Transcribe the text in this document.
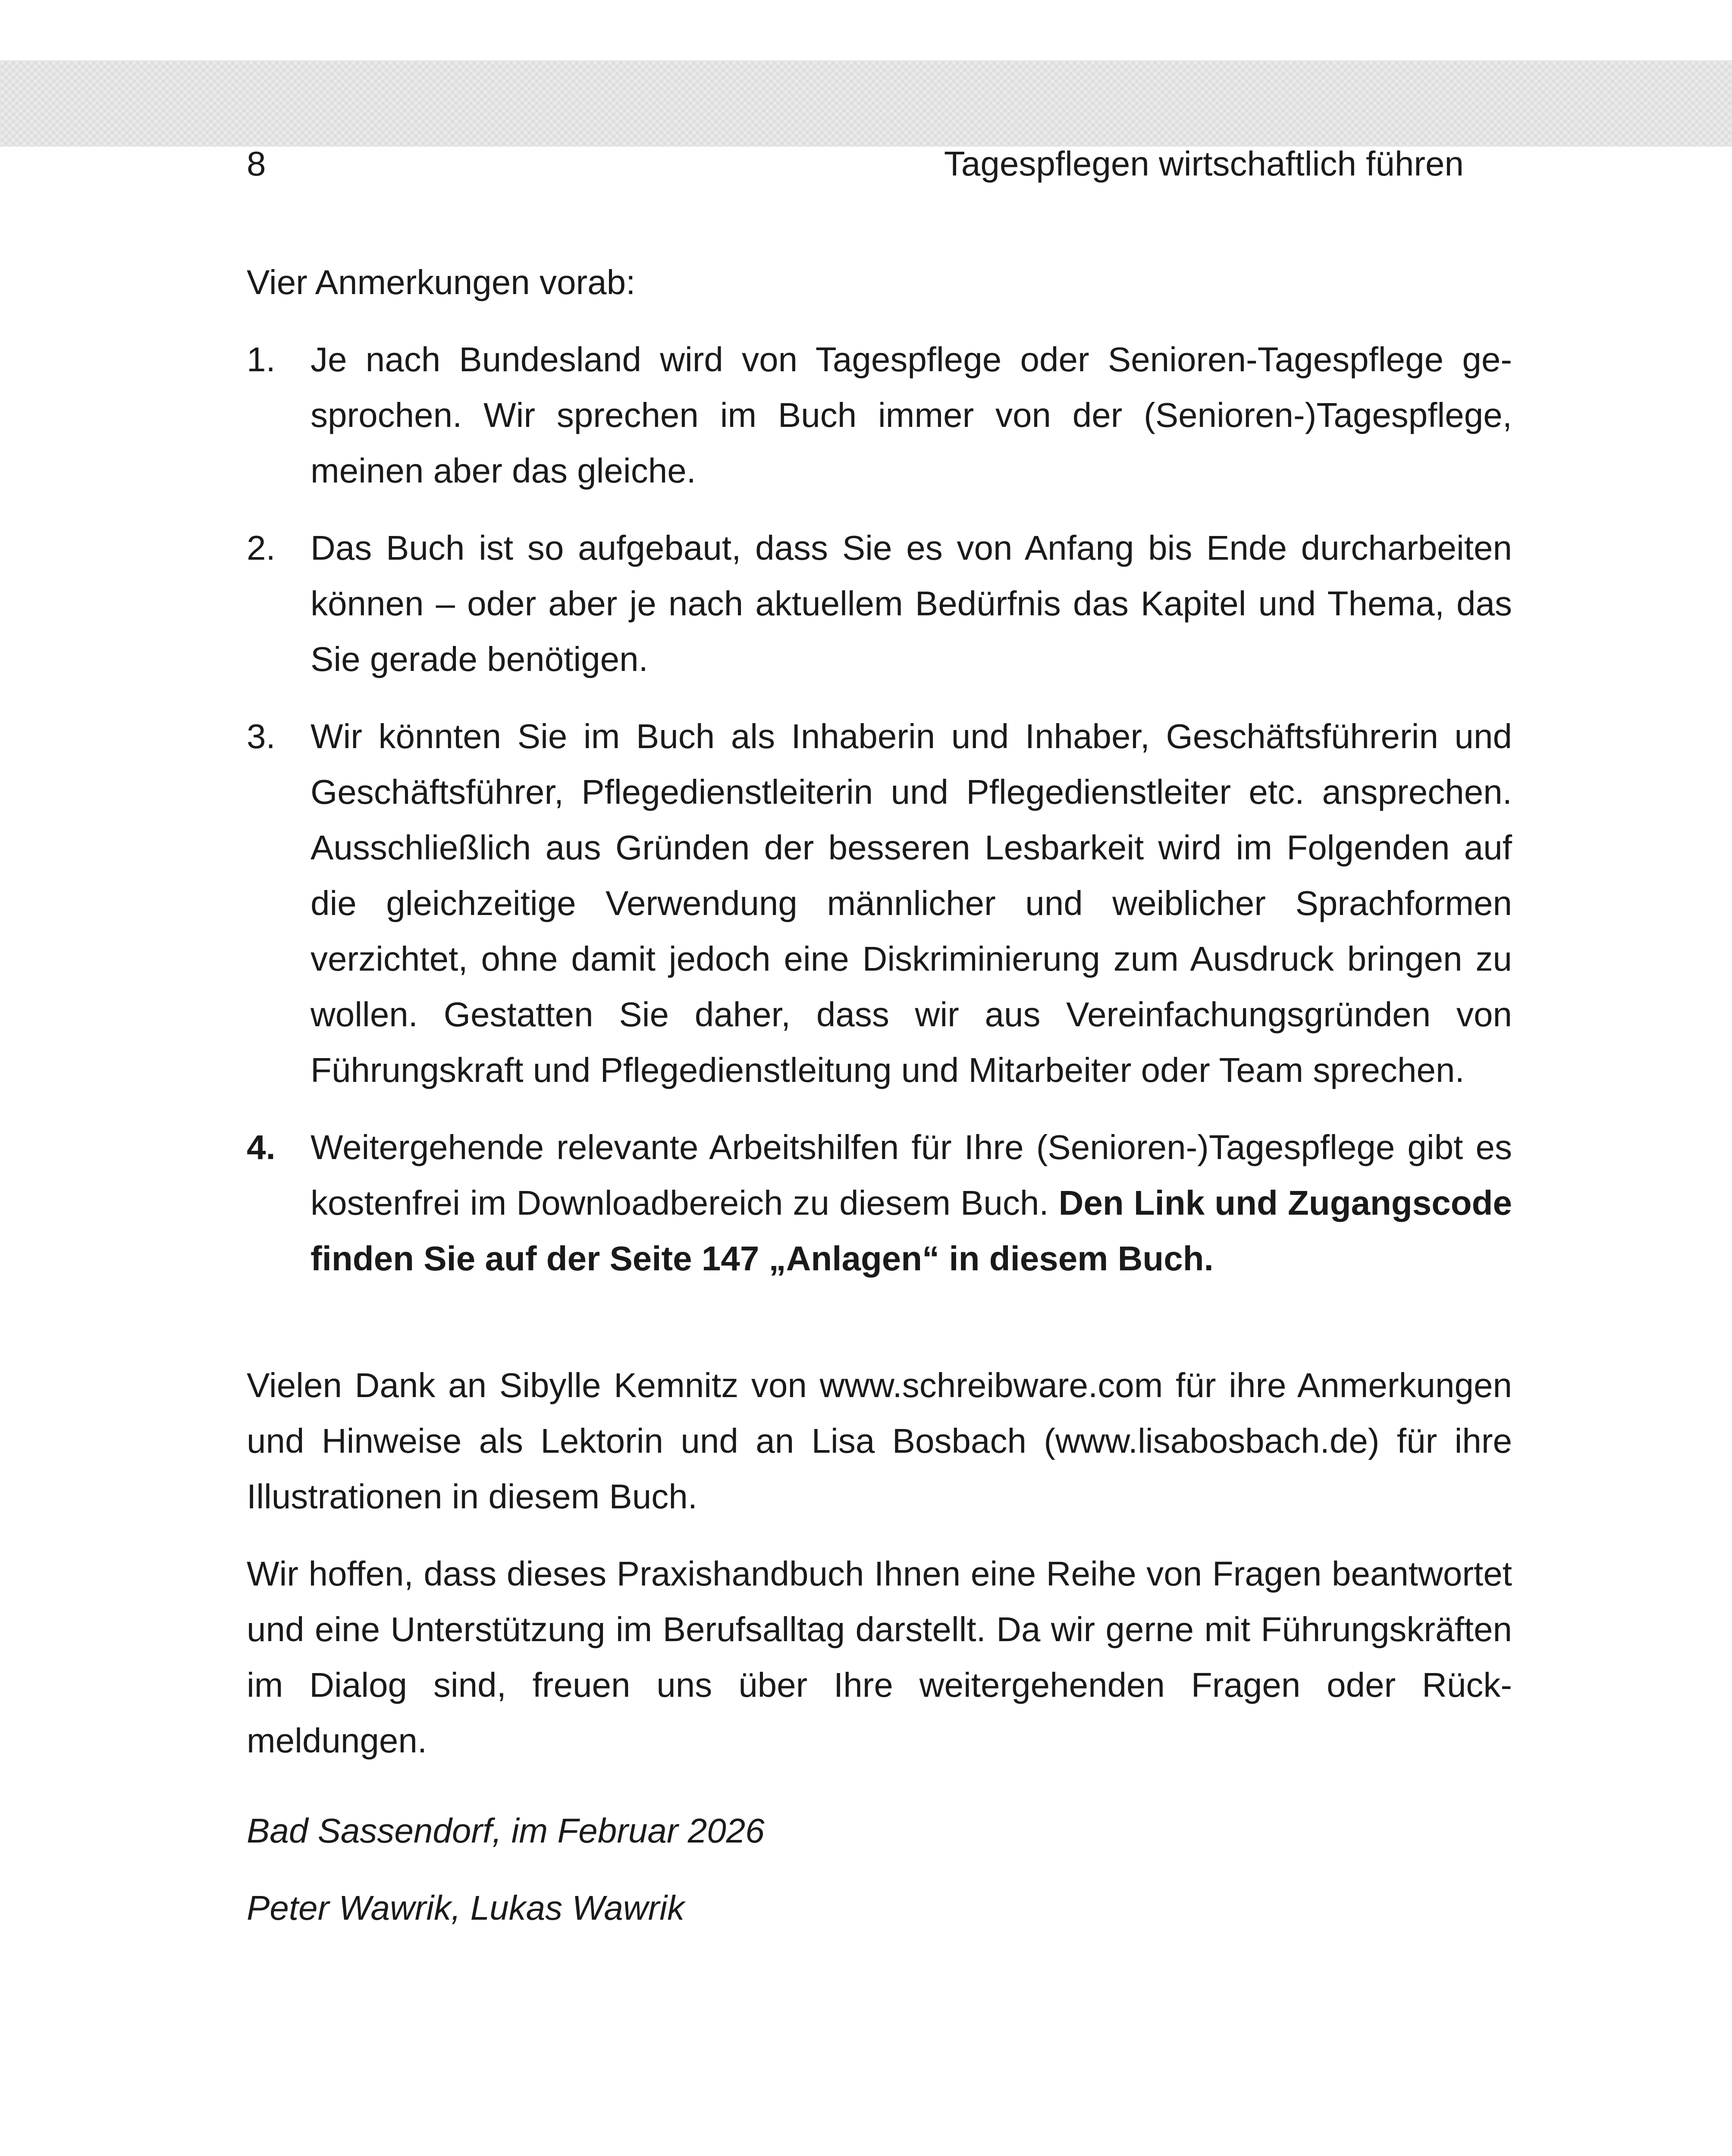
8	Tagespflegen wirtschaftlich führen

Vier Anmerkungen vorab:

1. Je nach Bundesland wird von Tagespflege oder Senioren-Tagespflege gesprochen. Wir sprechen im Buch immer von der (Senioren-)Tagespflege, meinen aber das gleiche.
2. Das Buch ist so aufgebaut, dass Sie es von Anfang bis Ende durcharbeiten können – oder aber je nach aktuellem Bedürfnis das Kapitel und Thema, das Sie gerade benötigen.
3. Wir könnten Sie im Buch als Inhaberin und Inhaber, Geschäftsführerin und Geschäftsführer, Pflegedienstleiterin und Pflegedienstleiter etc. ansprechen. Ausschließlich aus Gründen der besseren Lesbarkeit wird im Folgenden auf die gleichzeitige Verwendung männlicher und weiblicher Sprachformen verzichtet, ohne damit jedoch eine Diskriminierung zum Ausdruck bringen zu wollen. Gestatten Sie daher, dass wir aus Vereinfachungsgründen von Führungskraft und Pflegedienstleitung und Mitarbeiter oder Team sprechen.
4. Weitergehende relevante Arbeitshilfen für Ihre (Senioren-)Tagespflege gibt es kostenfrei im Downloadbereich zu diesem Buch. Den Link und Zugangscode finden Sie auf der Seite 147 „Anlagen“ in diesem Buch.

Vielen Dank an Sibylle Kemnitz von www.schreibware.com für ihre Anmerkungen und Hinweise als Lektorin und an Lisa Bosbach (www.lisabosbach.de) für ihre Illustrationen in diesem Buch.

Wir hoffen, dass dieses Praxishandbuch Ihnen eine Reihe von Fragen beantwortet und eine Unterstützung im Berufsalltag darstellt. Da wir gerne mit Führungskräften im Dialog sind, freuen uns über Ihre weitergehenden Fragen oder Rückmeldungen.

Bad Sassendorf, im Februar 2026

Peter Wawrik, Lukas Wawrik
